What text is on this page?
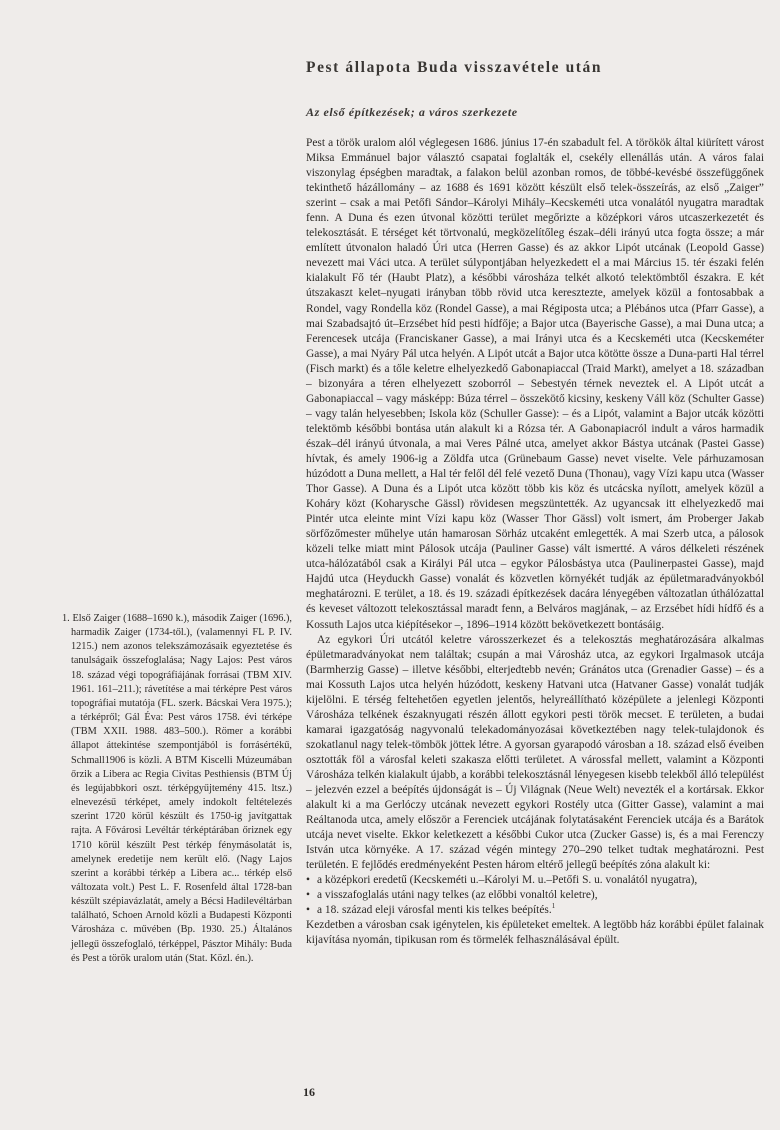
Pest állapota Buda visszavétele után
Az első építkezések; a város szerkezete

Pest a török uralom alól véglegesen 1686. június 17-én szabadult fel. A törökök által kiürített várost Miksa Emmánuel bajor választó csapatai foglalták el, csekély ellenállás után. A város falai viszonylag épségben maradtak, a falakon belül azonban romos, de többé-kevésbé összefüggőnek tekinthető házállomány – az 1688 és 1691 között készült első telek-összeírás, az első „Zaiger” szerint – csak a mai Petőfi Sándor–Károlyi Mihály–Kecskeméti utca vonalától nyugatra maradtak fenn. A Duna és ezen útvonal közötti terület megőrizte a középkori város utcaszerkezetét és telekosztását. E térséget két törtvonalú, megközelítőleg észak–déli irányú utca fogta össze; a már említett útvonalon haladó Úri utca (Herren Gasse) és az akkor Lipót utcának (Leopold Gasse) nevezett mai Váci utca. A terület súlypontjában helyezkedett el a mai Március 15. tér északi felén kialakult Fő tér (Haubt Platz), a későbbi városháza telkét alkotó telektömbtől északra. E két útszakaszt kelet–nyugati irányban több rövid utca keresztezte, amelyek közül a fontosabbak a Rondel, vagy Rondella köz (Rondel Gasse), a mai Régiposta utca; a Plébános utca (Pfarr Gasse), a mai Szabadsajtó út–Erzsébet híd pesti hídfője; a Bajor utca (Bayerische Gasse), a mai Duna utca; a Ferencesek utcája (Franciskaner Gasse), a mai Irányi utca és a Kecskeméti utca (Kecskeméter Gasse), a mai Nyáry Pál utca helyén. A Lipót utcát a Bajor utca kötötte össze a Duna-parti Hal térrel (Fisch markt) és a tőle keletre elhelyezkedő Gabonapiaccal (Traid Markt), amelyet a 18. században – bizonyára a téren elhelyezett szoborról – Sebestyén térnek neveztek el. A Lipót utcát a Gabonapiaccal – vagy másképp: Búza térrel – összekötő kicsiny, keskeny Váll köz (Schulter Gasse) – vagy talán helyesebben; Iskola köz (Schuller Gasse): – és a Lipót, valamint a Bajor utcák közötti telektömb későbbi bontása után alakult ki a Rózsa tér. A Gabonapiacról indult a város harmadik észak–dél irányú útvonala, a mai Veres Pálné utca, amelyet akkor Bástya utcának (Pastei Gasse) hívtak, és amely 1906-ig a Zöldfa utca (Grünebaum Gasse) nevet viselte. Vele párhuzamosan húzódott a Duna mellett, a Hal tér felől dél felé vezető Duna (Thonau), vagy Vízi kapu utca (Wasser Thor Gasse). A Duna és a Lipót utca között több kis köz és utcácska nyílott, amelyek közül a Koháry közt (Koharysche Gässl) rövidesen megszüntették. Az ugyancsak itt elhelyezkedő mai Pintér utca eleinte mint Vízi kapu köz (Wasser Thor Gässl) volt ismert, ám Proberger Jakab sörfőzőmester műhelye után hamarosan Sörház utcaként emlegették. A mai Szerb utca, a pálosok közeli telke miatt mint Pálosok utcája (Pauliner Gasse) vált ismertté. A város délkeleti részének utca-hálózatából csak a Királyi Pál utca – egykor Pálosbástya utca (Paulinerpastei Gasse), majd Hajdú utca (Heyduckh Gasse) vonalát és közvetlen környékét tudják az épületmaradványokból meghatározni. E terület, a 18. és 19. századi építkezések dacára lényegében változatlan úthálózattal és keveset változott telekosztással maradt fenn, a Belváros magjának, – az Erzsébet hídi hídfő és a Kossuth Lajos utca kiépítésekor –, 1896–1914 között bekövetkezett bontásáig.

Az egykori Úri utcától keletre városszerkezet és a telekosztás meghatározására alkalmas épületmaradványokat nem találtak; csupán a mai Városház utca, az egykori Irgalmasok utcája (Barmherzig Gasse) – illetve későbbi, elterjedtebb nevén; Gránátos utca (Grenadier Gasse) – és a mai Kossuth Lajos utca helyén húzódott, keskeny Hatvani utca (Hatvaner Gasse) vonalát tudják kijelölni. E térség feltehetően egyetlen jelentős, helyreállítható középülete a jelenlegi Központi Városháza telkének északnyugati részén állott egykori pesti török mecset. E területen, a budai kamarai igazgatóság nagyvonalú telekadományozásai következtében nagy telek-tulajdonok és szokatlanul nagy telek-tömbök jöttek létre. A gyorsan gyarapodó városban a 18. század első éveiben osztották föl a városfal keleti szakasza előtti területet. A várossfal mellett, valamint a Központi Városháza telkén kialakult újabb, a korábbi telekosztásnál lényegesen kisebb telekből álló települést – jelezvén ezzel a beépítés újdonságát is – Új Világnak (Neue Welt) nevezték el a kortársak. Ekkor alakult ki a ma Gerlóczy utcának nevezett egykori Rostély utca (Gitter Gasse), valamint a mai Reáltanoda utca, amely először a Ferenciek utcájának folytatásaként Ferenciek utcája és a Barátok utcája nevet viselte. Ekkor keletkezett a későbbi Cukor utca (Zucker Gasse) is, és a mai Ferenczy István utca környéke. A 17. század végén mintegy 270–290 telket tudtak meghatározni. Pest területén. E fejlődés eredményeként Pesten három eltérő jellegű beépítés zóna alakult ki:

• a középkori eredetű (Kecskeméti u.–Károlyi M. u.–Petőfi S. u. vonalától nyugatra),
• a visszafoglalás utáni nagy telkes (az előbbi vonaltól keletre),
• a 18. század eleji városfal menti kis telkes beépítés.$^1$

Kezdetben a városban csak igénytelen, kis épületeket emeltek. A legtöbb ház korábbi épület falainak kijavítása nyomán, tipikusan rom és törmelék felhasználásával épült.

1. Első Zaiger (1688–1690 k.), második Zaiger (1696.), harmadik Zaiger (1734-től.), (valamennyi FL P. IV. 1215.) nem azonos telekszámozásaik egyeztetése és tanulságaik összefoglalása; Nagy Lajos: Pest város 18. század végi topográfiájának forrásai (TBM XIV. 1961. 161–211.); rávetítése a mai térképre Pest város topográfiai mutatója (FL. szerk. Bácskai Vera 1975.); a térképről; Gál Éva: Pest város 1758. évi térképe (TBM XXII. 1988. 483–500.). Römer a korábbi állapot áttekintése szempontjából is forrásértékű, Schmall1906 is közli. A BTM Kiscelli Múzeumában őrzik a Libera ac Regia Civitas Pesthiensis (BTM Új és legújabbkori oszt. térképgyűjtemény 415. ltsz.) elnevezésű térképet, amely indokolt feltételezés szerint 1720 körül készült és 1750-ig javítgattak rajta. A Fővárosi Levéltár térképtárában őriznek egy 1710 körül készült Pest térkép fénymásolatát is, amelynek eredetije nem került elő. (Nagy Lajos szerint a korábbi térkép a Libera ac... térkép első változata volt.) Pest L. F. Rosenfeld által 1728-ban készült szépiavázlatát, amely a Bécsi Hadilevéltárban található, Schoen Arnold közli a Budapesti Központi Városháza c. művében (Bp. 1930. 25.) Általános jellegű összefoglaló, térképpel, Pásztor Mihály: Buda és Pest a török uralom után (Stat. Közl. én.).

16
